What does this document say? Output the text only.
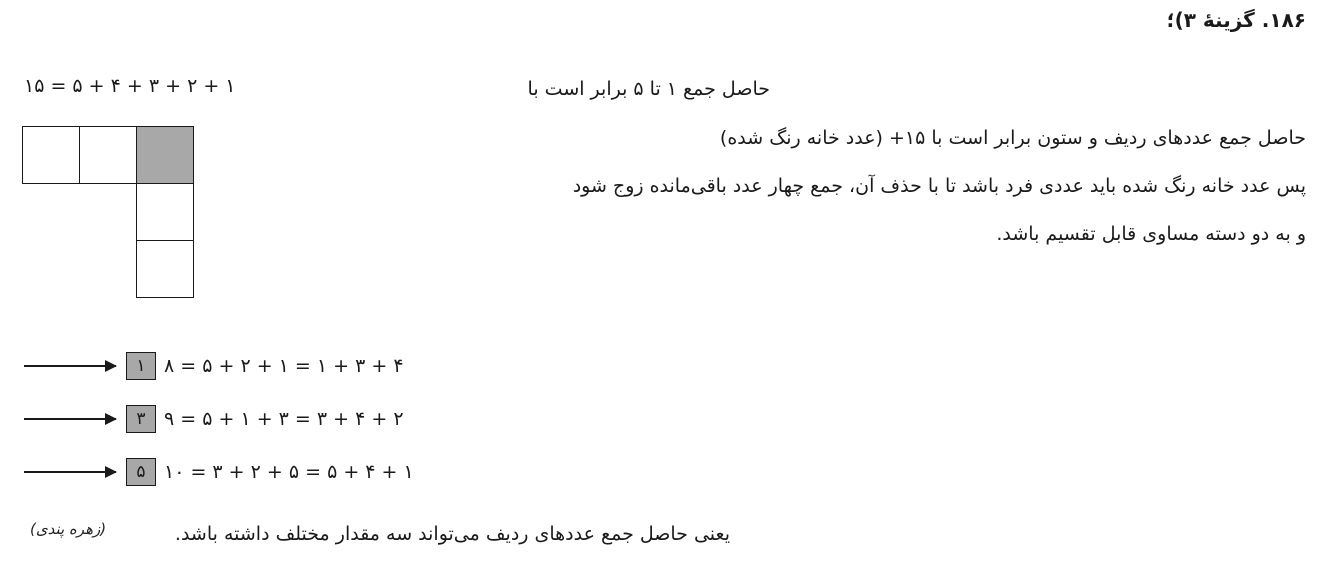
۱۸۶. گزینۀ ۳)؛
حاصل جمع ۱ تا ۵ برابر است با
۱ + ۲ + ۳ + ۴ + ۵ = ۱۵
حاصل جمع عددهای ردیف و ستون برابر است با ۱۵+ (عدد خانه رنگ شده)
پس عدد خانه رنگ شده باید عددی فرد باشد تا با حذف آن، جمع چهار عدد باقی‌مانده زوج شود
و به دو دسته مساوی قابل تقسیم باشد.
۱ ۴ + ۳ + ۱ = ۱ + ۲ + ۵ = ۸
۳ ۲ + ۴ + ۳ = ۳ + ۱ + ۵ = ۹
۵ ۱ + ۴ + ۵ = ۵ + ۲ + ۳ = ۱۰
یعنی حاصل جمع عددهای ردیف می‌تواند سه مقدار مختلف داشته باشد.
(زهره پندی)
